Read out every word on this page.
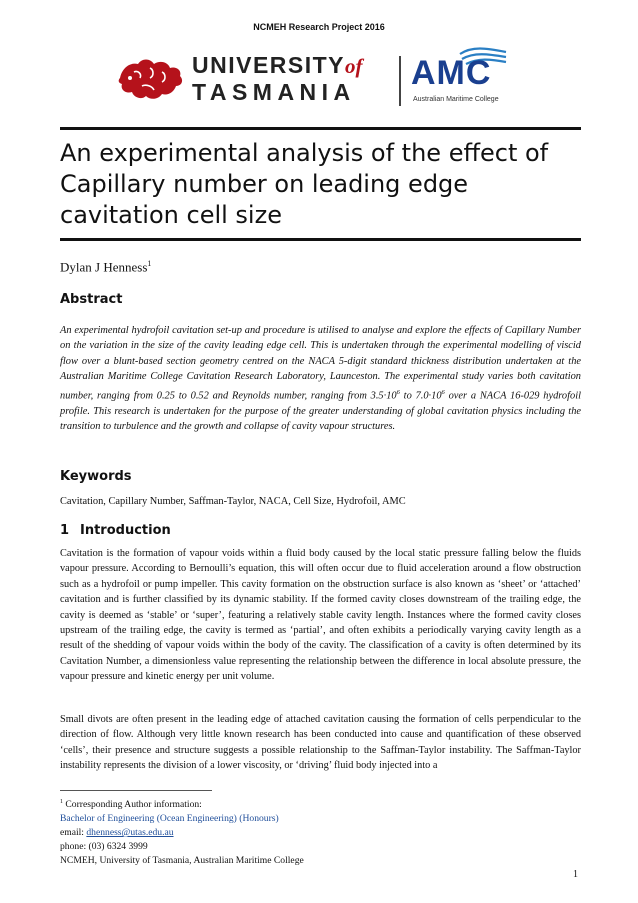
NCMEH Research Project 2016
UNIVERSITYof
TASMANIA AMC
Australian Maritime College
An experimental analysis of the effect of Capillary number on leading edge cavitation cell size
Dylan J Henness$^1$
Abstract

An experimental hydrofoil cavitation set-up and procedure is utilised to analyse and explore the effects of Capillary Number on the variation in the size of the cavity leading edge cell. This is undertaken through the experimental modelling of viscid flow over a blunt-based section geometry centred on the NACA 5-digit standard thickness distribution undertaken at the Australian Maritime College Cavitation Research Laboratory, Launceston. The experimental study varies both cavitation number, ranging from 0.25 to 0.52 and Reynolds number, ranging from $3.5\cdot 10^6$ to $7.0\cdot 10^6$ over a NACA 16-029 hydrofoil profile. This research is undertaken for the purpose of the greater understanding of global cavitation physics including the transition to turbulence and the growth and collapse of cavity vapour structures.

Keywords

Cavitation, Capillary Number, Saffman-Taylor, NACA, Cell Size, Hydrofoil, AMC

1 Introduction

Cavitation is the formation of vapour voids within a fluid body caused by the local static pressure falling below the fluids vapour pressure. According to Bernoulli’s equation, this will often occur due to fluid acceleration around a flow obstruction such as a hydrofoil or pump impeller. This cavity formation on the obstruction surface is also known as ‘sheet’ or ‘attached’ cavitation and is further classified by its dynamic stability. If the formed cavity closes downstream of the trailing edge, the cavity is deemed as ‘stable’ or ‘super’, featuring a relatively stable cavity length. Instances where the formed cavity closes upstream of the trailing edge, the cavity is termed as ‘partial’, and often exhibits a periodically varying cavity length as a result of the shedding of vapour voids within the body of the cavity. The classification of a cavity is often determined by its Cavitation Number, a dimensionless value representing the relationship between the difference in local absolute pressure, the vapour pressure and kinetic energy per unit volume.

Small divots are often present in the leading edge of attached cavitation causing the formation of cells perpendicular to the direction of flow. Although very little known research has been conducted into cause and quantification of these observed ‘cells’, their presence and structure suggests a possible relationship to the Saffman-Taylor instability. The Saffman-Taylor instability represents the division of a lower viscosity, or ‘driving’ fluid body injected into a

$^1$ Corresponding Author information:
Bachelor of Engineering (Ocean Engineering) (Honours)
email: dhenness@utas.edu.au
phone: (03) 6324 3999
NCMEH, University of Tasmania, Australian Maritime College
1
